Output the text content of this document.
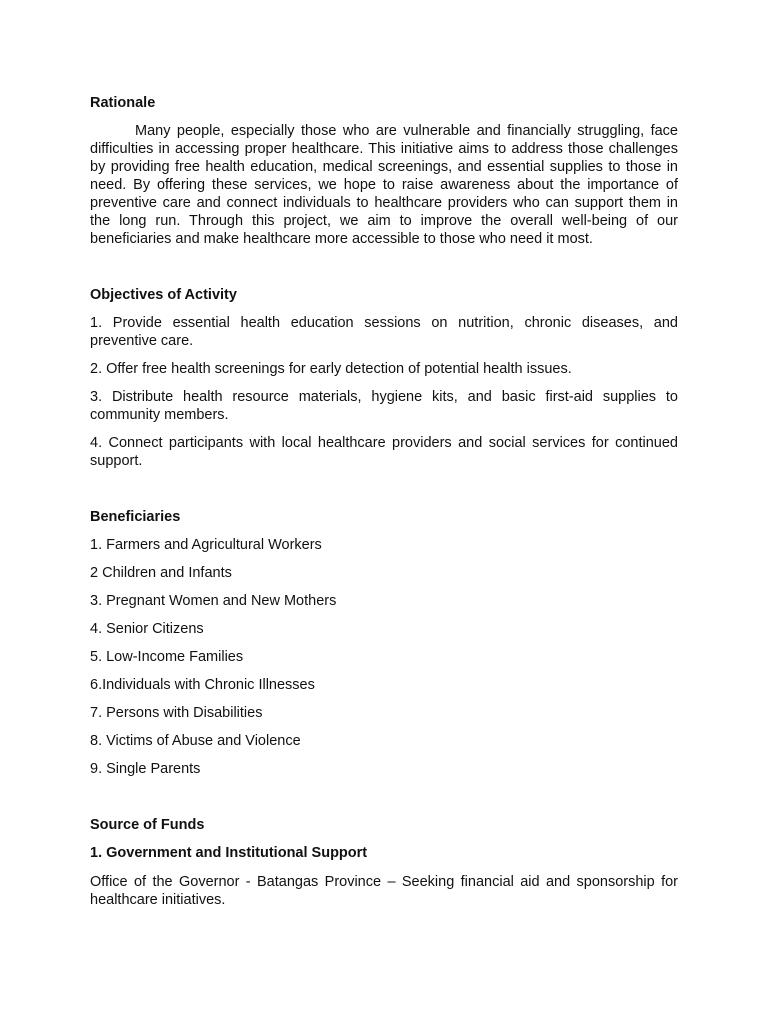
Rationale

Many people, especially those who are vulnerable and financially struggling, face difficulties in accessing proper healthcare. This initiative aims to address those challenges by providing free health education, medical screenings, and essential supplies to those in need. By offering these services, we hope to raise awareness about the importance of preventive care and connect individuals to healthcare providers who can support them in the long run. Through this project, we aim to improve the overall well-being of our beneficiaries and make healthcare more accessible to those who need it most.

Objectives of Activity

1. Provide essential health education sessions on nutrition, chronic diseases, and preventive care.

2. Offer free health screenings for early detection of potential health issues.

3. Distribute health resource materials, hygiene kits, and basic first-aid supplies to community members.

4. Connect participants with local healthcare providers and social services for continued support.

Beneficiaries

1. Farmers and Agricultural Workers

2 Children and Infants

3. Pregnant Women and New Mothers

4. Senior Citizens

5. Low-Income Families

6.Individuals with Chronic Illnesses

7. Persons with Disabilities

8. Victims of Abuse and Violence

9. Single Parents

Source of Funds

1. Government and Institutional Support

Office of the Governor - Batangas Province – Seeking financial aid and sponsorship for healthcare initiatives.
